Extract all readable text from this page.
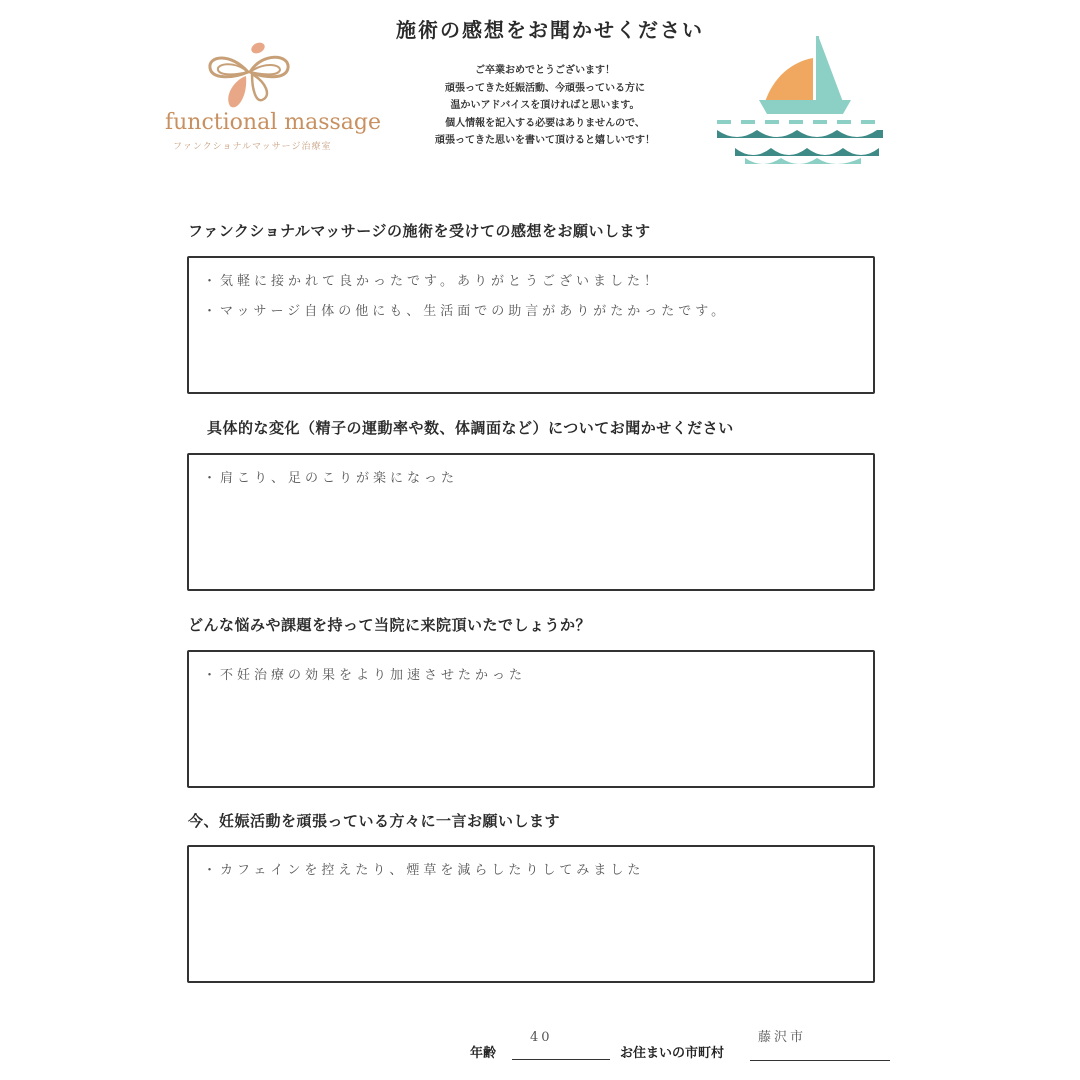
施術の感想をお聞かせください
functional massage
ファンクショナルマッサージ治療室
ご卒業おめでとうございます！
頑張ってきた妊娠活動、今頑張っている方に
温かいアドバイスを頂ければと思います。
個人情報を記入する必要はありませんので、
頑張ってきた思いを書いて頂けると嬉しいです！
ファンクショナルマッサージの施術を受けての感想をお願いします
・気軽に接かれて良かったです。ありがとうございました！
・マッサージ自体の他にも、生活面での助言がありがたかったです。
具体的な変化（精子の運動率や数、体調面など）についてお聞かせください
・肩こり、足のこりが楽になった
どんな悩みや課題を持って当院に来院頂いたでしょうか？
・不妊治療の効果をより加速させたかった
今、妊娠活動を頑張っている方々に一言お願いします
・カフェインを控えたり、煙草を減らしたりしてみました
年齢
40
お住まいの市町村
藤沢市
